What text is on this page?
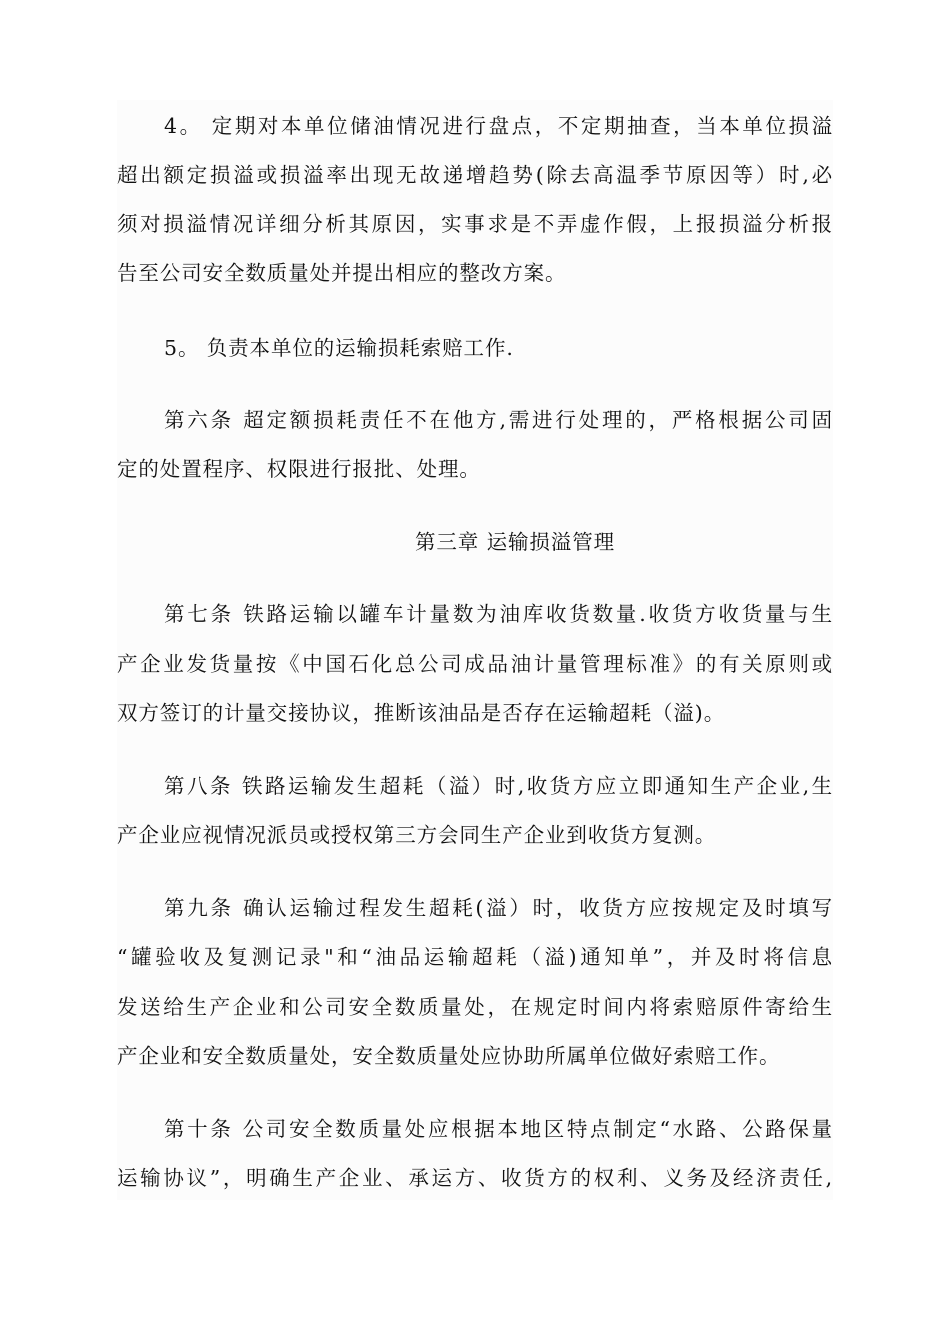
4。 定期对本单位储油情况进行盘点，不定期抽查，当本单位损溢
超出额定损溢或损溢率出现无故递增趋势(除去高温季节原因等）时,必
须对损溢情况详细分析其原因，实事求是不弄虚作假，上报损溢分析报
告至公司安全数质量处并提出相应的整改方案。
5。 负责本单位的运输损耗索赔工作.
第六条 超定额损耗责任不在他方,需进行处理的，严格根据公司固
定的处置程序、权限进行报批、处理。
第三章 运输损溢管理
第七条 铁路运输以罐车计量数为油库收货数量.收货方收货量与生
产企业发货量按《中国石化总公司成品油计量管理标准》的有关原则或
双方签订的计量交接协议，推断该油品是否存在运输超耗（溢)。
第八条 铁路运输发生超耗（溢）时,收货方应立即通知生产企业,生
产企业应视情况派员或授权第三方会同生产企业到收货方复测。
第九条 确认运输过程发生超耗(溢）时，收货方应按规定及时填写
“罐验收及复测记录"和“油品运输超耗（溢)通知单”，并及时将信息
发送给生产企业和公司安全数质量处，在规定时间内将索赔原件寄给生
产企业和安全数质量处，安全数质量处应协助所属单位做好索赔工作。
第十条 公司安全数质量处应根据本地区特点制定“水路、公路保量
运输协议”，明确生产企业、承运方、收货方的权利、义务及经济责任,
